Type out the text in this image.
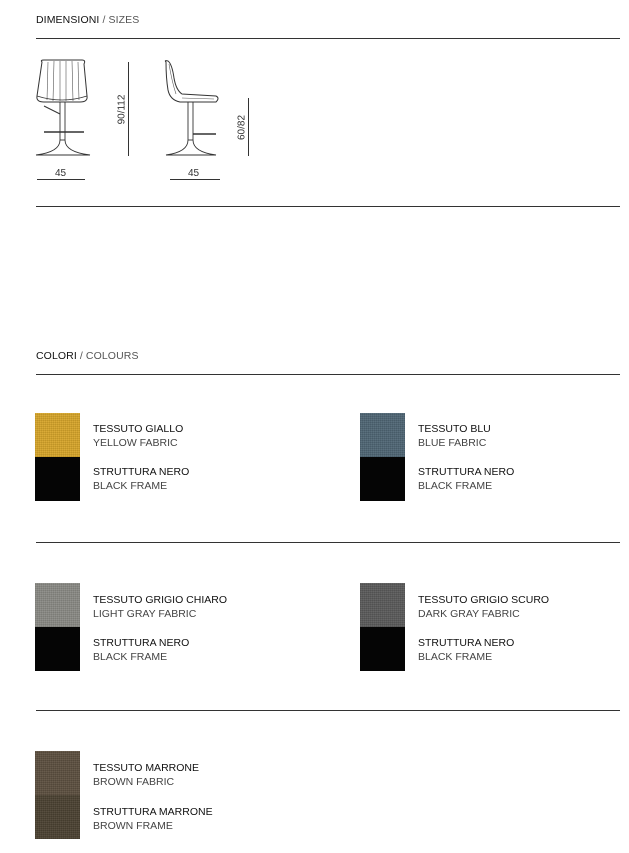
DIMENSIONI / SIZES
45
90/112
45
60/82
COLORI / COLOURS
TESSUTO GIALLO
YELLOW FABRIC
STRUTTURA NERO
BLACK FRAME
TESSUTO BLU
BLUE FABRIC
STRUTTURA NERO
BLACK FRAME
TESSUTO GRIGIO CHIARO
LIGHT GRAY FABRIC
STRUTTURA NERO
BLACK FRAME
TESSUTO GRIGIO SCURO
DARK GRAY FABRIC
STRUTTURA NERO
BLACK FRAME
TESSUTO MARRONE
BROWN FABRIC
STRUTTURA MARRONE
BROWN FRAME
